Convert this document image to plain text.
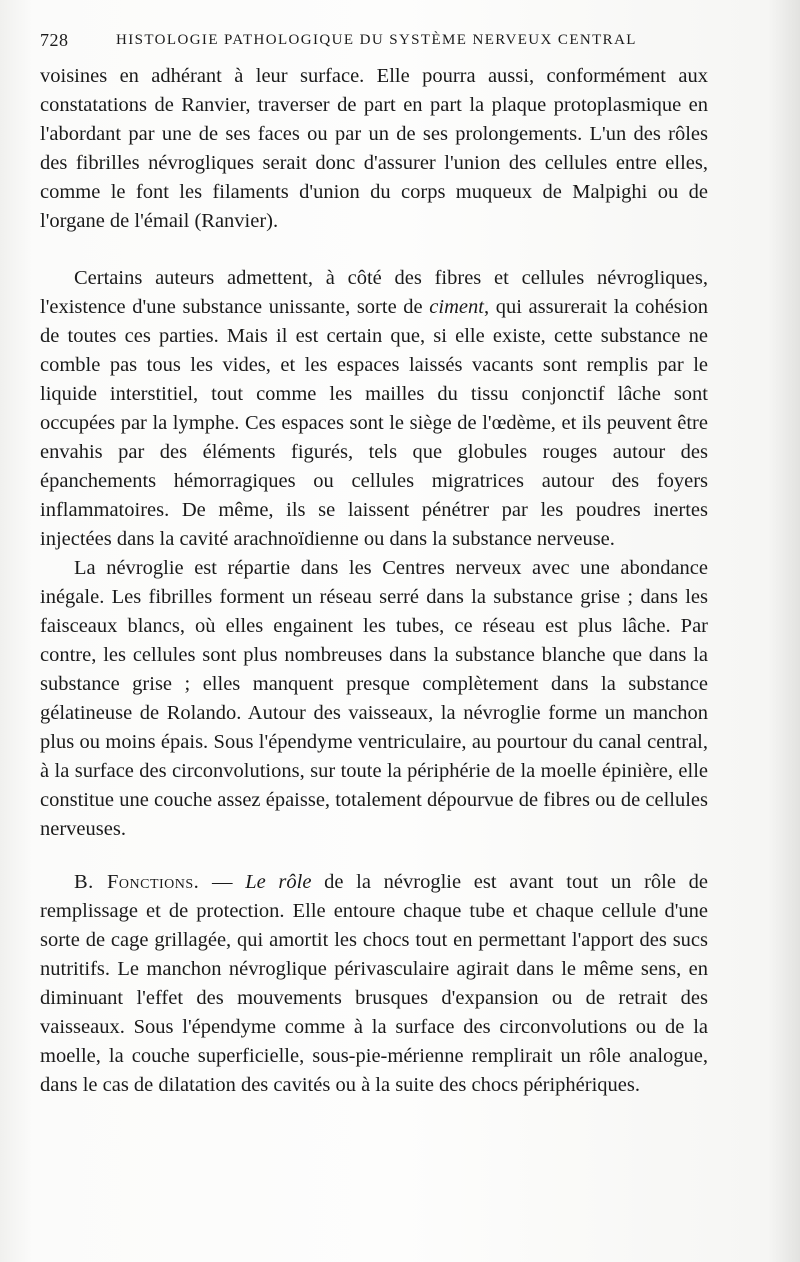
728	HISTOLOGIE PATHOLOGIQUE DU SYSTÈME NERVEUX CENTRAL

voisines en adhérant à leur surface. Elle pourra aussi, conformément aux constatations de Ranvier, traverser de part en part la plaque protoplasmique en l'abordant par une de ses faces ou par un de ses prolongements. L'un des rôles des fibrilles névrogliques serait donc d'assurer l'union des cellules entre elles, comme le font les filaments d'union du corps muqueux de Malpighi ou de l'organe de l'émail (Ranvier).

Certains auteurs admettent, à côté des fibres et cellules névrogliques, l'existence d'une substance unissante, sorte de ciment, qui assurerait la cohésion de toutes ces parties. Mais il est certain que, si elle existe, cette substance ne comble pas tous les vides, et les espaces laissés vacants sont remplis par le liquide interstitiel, tout comme les mailles du tissu conjonctif lâche sont occupées par la lymphe. Ces espaces sont le siège de l'œdème, et ils peuvent être envahis par des éléments figurés, tels que globules rouges autour des épanchements hémorragiques ou cellules migratrices autour des foyers inflammatoires. De même, ils se laissent pénétrer par les poudres inertes injectées dans la cavité arachnoïdienne ou dans la substance nerveuse.

La névroglie est répartie dans les Centres nerveux avec une abondance inégale. Les fibrilles forment un réseau serré dans la substance grise ; dans les faisceaux blancs, où elles engainent les tubes, ce réseau est plus lâche. Par contre, les cellules sont plus nombreuses dans la substance blanche que dans la substance grise ; elles manquent presque complètement dans la substance gélatineuse de Rolando. Autour des vaisseaux, la névroglie forme un manchon plus ou moins épais. Sous l'épendyme ventriculaire, au pourtour du canal central, à la surface des circonvolutions, sur toute la périphérie de la moelle épinière, elle constitue une couche assez épaisse, totalement dépourvue de fibres ou de cellules nerveuses.

B. Fonctions. — Le rôle de la névroglie est avant tout un rôle de remplissage et de protection. Elle entoure chaque tube et chaque cellule d'une sorte de cage grillagée, qui amortit les chocs tout en permettant l'apport des sucs nutritifs. Le manchon névroglique périvasculaire agirait dans le même sens, en diminuant l'effet des mouvements brusques d'expansion ou de retrait des vaisseaux. Sous l'épendyme comme à la surface des circonvolutions ou de la moelle, la couche superficielle, sous-pie-mérienne remplirait un rôle analogue, dans le cas de dilatation des cavités ou à la suite des chocs périphériques.
